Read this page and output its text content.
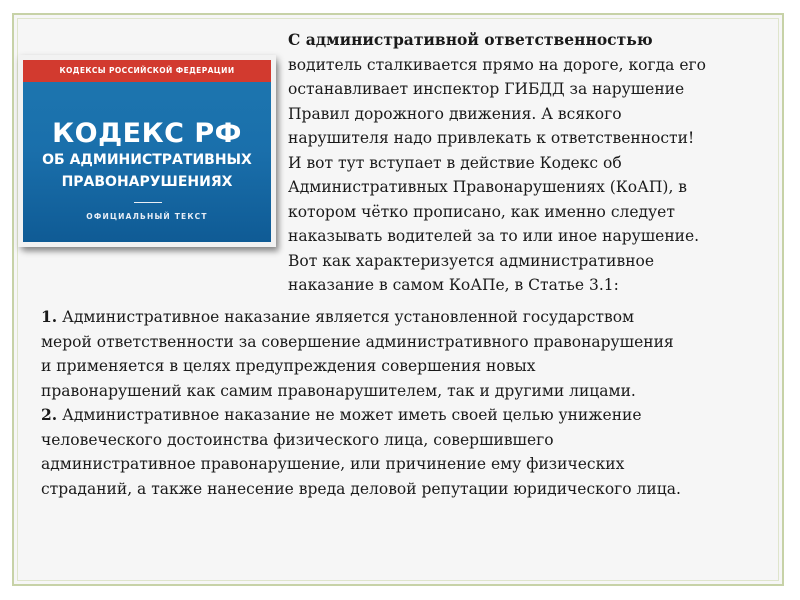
КОДЕКСЫ РОССИЙСКОЙ ФЕДЕРАЦИИ
КОДЕКС РФ
ОБ АДМИНИСТРАТИВНЫХ
ПРАВОНАРУШЕНИЯХ
ОФИЦИАЛЬНЫЙ ТЕКСТ
С административной ответственностью
водитель сталкивается прямо на дороге, когда его
останавливает инспектор ГИБДД за нарушение
Правил дорожного движения. А всякого
нарушителя надо привлекать к ответственности!
И вот тут вступает в действие Кодекс об
Административных Правонарушениях (КоАП), в
котором чётко прописано, как именно следует
наказывать водителей за то или иное нарушение.
Вот как характеризуется административное
наказание в самом КоАПе, в Статье 3.1:
1. Административное наказание является установленной государством
мерой ответственности за совершение административного правонарушения
и применяется в целях предупреждения совершения новых
правонарушений как самим правонарушителем, так и другими лицами.
2. Административное наказание не может иметь своей целью унижение
человеческого достоинства физического лица, совершившего
административное правонарушение, или причинение ему физических
страданий, а также нанесение вреда деловой репутации юридического лица.
